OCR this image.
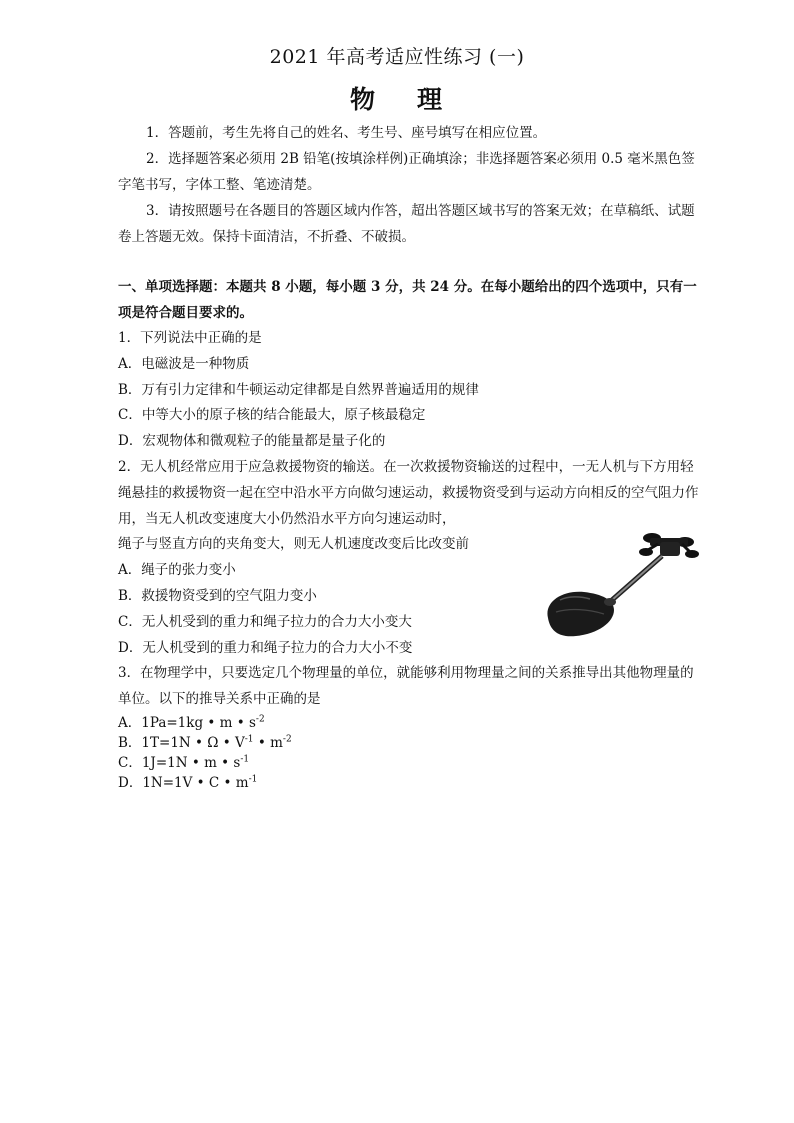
2021 年高考适应性练习 (一)
物 理

1．答题前，考生先将自己的姓名、考生号、座号填写在相应位置。

2．选择题答案必须用 2B 铅笔(按填涂样例)正确填涂；非选择题答案必须用 0.5 毫米黑色签字笔书写，字体工整、笔迹清楚。

3．请按照题号在各题目的答题区域内作答，超出答题区域书写的答案无效；在草稿纸、试题卷上答题无效。保持卡面清洁，不折叠、不破损。

一、单项选择题：本题共 8 小题，每小题 3 分，共 24 分。在每小题给出的四个选项中，只有一项是符合题目要求的。

1．下列说法中正确的是

A．电磁波是一种物质

B．万有引力定律和牛顿运动定律都是自然界普遍适用的规律

C．中等大小的原子核的结合能最大，原子核最稳定

D．宏观物体和微观粒子的能量都是量子化的

2．无人机经常应用于应急救援物资的输送。在一次救援物资输送的过程中，一无人机与下方用轻绳悬挂的救援物资一起在空中沿水平方向做匀速运动，救援物资受到与运动方向相反的空气阻力作用，当无人机改变速度大小仍然沿水平方向匀速运动时，

绳子与竖直方向的夹角变大，则无人机速度改变后比改变前

A．绳子的张力变小

B．救援物资受到的空气阻力变小

C．无人机受到的重力和绳子拉力的合力大小变大

D．无人机受到的重力和绳子拉力的合力大小不变

3．在物理学中，只要选定几个物理量的单位，就能够利用物理量之间的关系推导出其他物理量的单位。以下的推导关系中正确的是

A．1Pa=1kg • m • $s^{-2}$

B．1T=1N • Ω • $V^{-1}$ • $m^{-2}$

C．1J=1N • m • $s^{-1}$

D．1N=1V • C • $m^{-1}$
